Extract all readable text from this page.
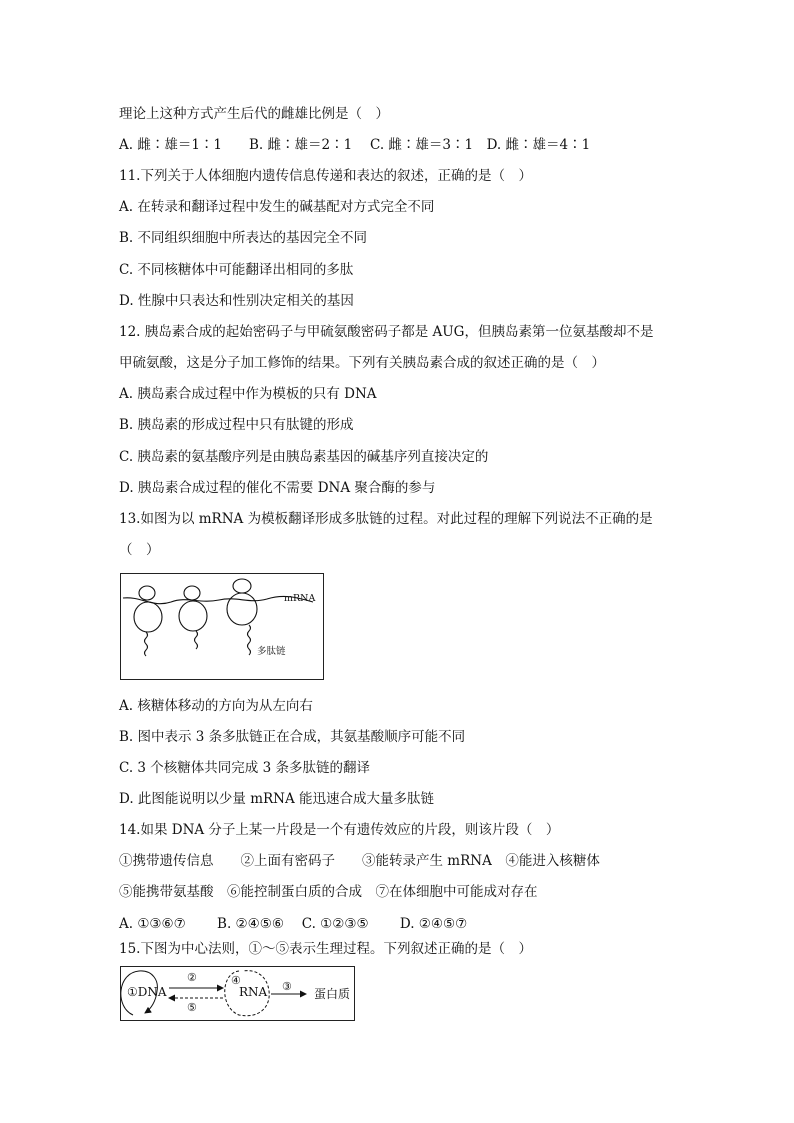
理论上这种方式产生后代的雌雄比例是（　）
A. 雌∶雄＝1∶1　　B. 雌∶雄＝2∶1　 C. 雌∶雄＝3∶1　D. 雌∶雄＝4∶1
11.下列关于人体细胞内遗传信息传递和表达的叙述，正确的是（　）
A. 在转录和翻译过程中发生的碱基配对方式完全不同
B. 不同组织细胞中所表达的基因完全不同
C. 不同核糖体中可能翻译出相同的多肽
D. 性腺中只表达和性别决定相关的基因
12. 胰岛素合成的起始密码子与甲硫氨酸密码子都是 AUG，但胰岛素第一位氨基酸却不是
甲硫氨酸，这是分子加工修饰的结果。下列有关胰岛素合成的叙述正确的是（　）
A. 胰岛素合成过程中作为模板的只有 DNA
B. 胰岛素的形成过程中只有肽键的形成
C. 胰岛素的氨基酸序列是由胰岛素基因的碱基序列直接决定的
D. 胰岛素合成过程的催化不需要 DNA 聚合酶的参与
13.如图为以 mRNA 为模板翻译形成多肽链的过程。对此过程的理解下列说法不正确的是
（　）
mRNA
多肽链
A. 核糖体移动的方向为从左向右
B. 图中表示 3 条多肽链正在合成，其氨基酸顺序可能不同
C. 3 个核糖体共同完成 3 条多肽链的翻译
D. 此图能说明以少量 mRNA 能迅速合成大量多肽链
14.如果 DNA 分子上某一片段是一个有遗传效应的片段，则该片段（　）
①携带遗传信息　　②上面有密码子　　③能转录产生 mRNA　④能进入核糖体
⑤能携带氨基酸　⑥能控制蛋白质的合成　⑦在体细胞中可能成对存在
A. ①③⑥⑦　　 B. ②④⑤⑥　 C. ①②③⑤　　 D. ②④⑤⑦
15.下图为中心法则，①～⑤表示生理过程。下列叙述正确的是（　）
①DNA	RNA	蛋白质
②
⑤
④	③
